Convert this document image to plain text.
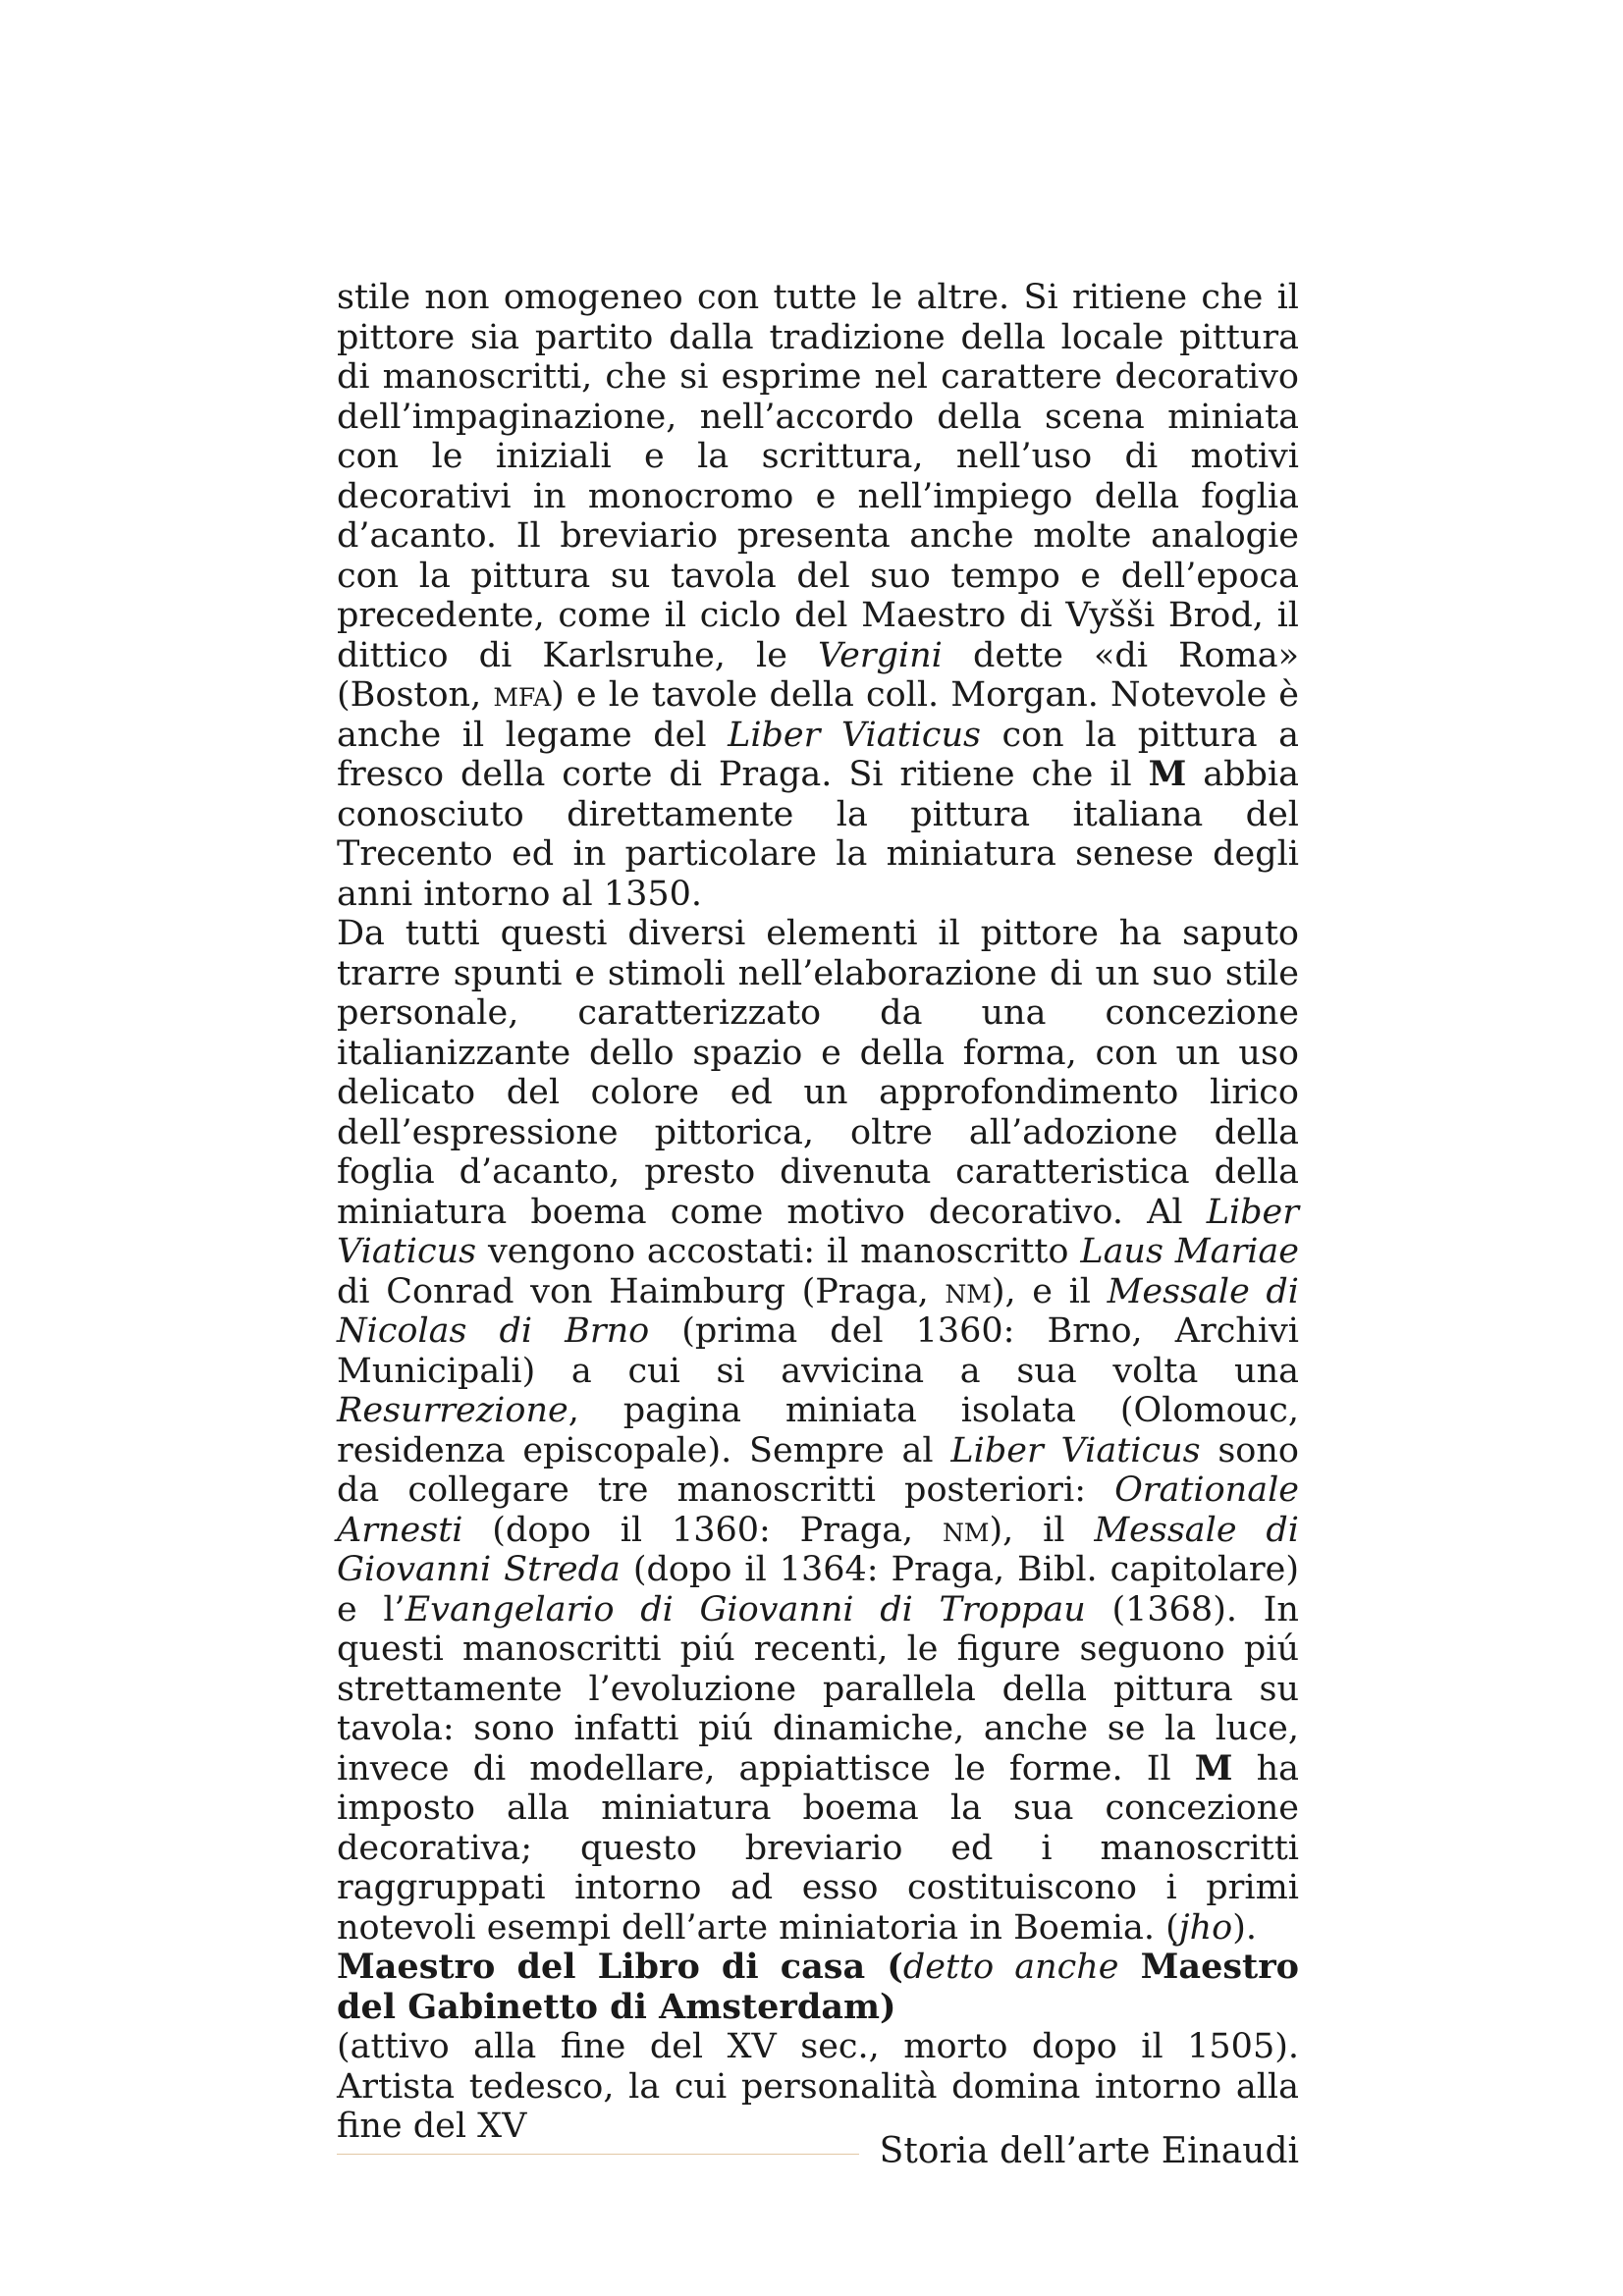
stile non omogeneo con tutte le altre. Si ritiene che il pittore sia partito dalla tradizione della locale pittura di manoscritti, che si esprime nel carattere decorativo dell’impaginazione, nell’accordo della scena miniata con le iniziali e la scrittura, nell’uso di motivi decorativi in monocromo e nell’impiego della foglia d’acanto. Il breviario presenta anche molte analogie con la pittura su tavola del suo tempo e dell’epoca precedente, come il ciclo del Maestro di Vyšši Brod, il dittico di Karlsruhe, le Vergini dette «di Roma» (Boston, mfa) e le tavole della coll. Morgan. Notevole è anche il legame del Liber Viaticus con la pittura a fresco della corte di Praga. Si ritiene che il M abbia conosciuto direttamente la pittura italiana del Trecento ed in particolare la miniatura senese degli anni intorno al 1350.

Da tutti questi diversi elementi il pittore ha saputo trarre spunti e stimoli nell’elaborazione di un suo stile personale, caratterizzato da una concezione italianizzante dello spazio e della forma, con un uso delicato del colore ed un approfondimento lirico dell’espressione pittorica, oltre all’adozione della foglia d’acanto, presto divenuta caratteristica della miniatura boema come motivo decorativo. Al Liber Viaticus vengono accostati: il manoscritto Laus Mariae di Conrad von Haimburg (Praga, nm), e il Messale di Nicolas di Brno (prima del 1360: Brno, Archivi Municipali) a cui si avvicina a sua volta una Resurrezione, pagina miniata isolata (Olomouc, residenza episcopale). Sempre al Liber Viaticus sono da collegare tre manoscritti posteriori: Orationale Arnesti (dopo il 1360: Praga, nm), il Messale di Giovanni Streda (dopo il 1364: Praga, Bibl. capitolare) e l’Evangelario di Giovanni di Troppau (1368). In questi manoscritti piú recenti, le figure seguono piú strettamente l’evoluzione parallela della pittura su tavola: sono infatti piú dinamiche, anche se la luce, invece di modellare, appiattisce le forme. Il M ha imposto alla miniatura boema la sua concezione decorativa; questo breviario ed i manoscritti raggruppati intorno ad esso costituiscono i primi notevoli esempi dell’arte miniatoria in Boemia. (jho).

Maestro del Libro di casa (detto anche Maestro del Gabinetto di Amsterdam)

(attivo alla fine del XV sec., morto dopo il 1505). Artista tedesco, la cui personalità domina intorno alla fine del XV

Storia dell’arte Einaudi
